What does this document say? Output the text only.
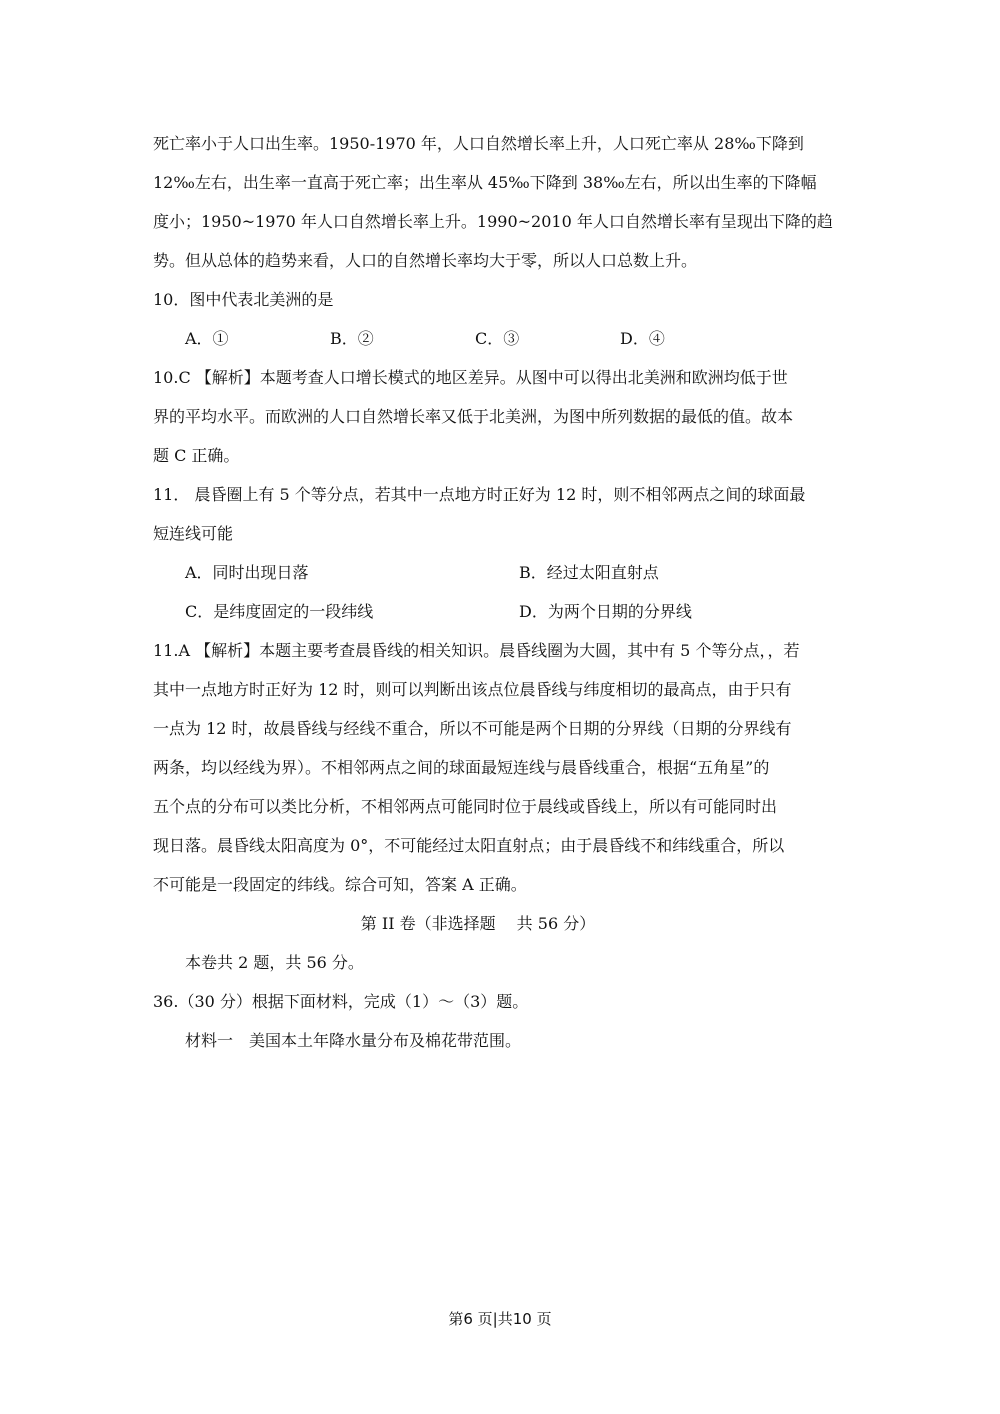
死亡率小于人口出生率。1950-1970 年，人口自然增长率上升，人口死亡率从 28‰下降到
12‰左右，出生率一直高于死亡率；出生率从 45‰下降到 38‰左右，所以出生率的下降幅
度小；1950~1970 年人口自然增长率上升。1990~2010 年人口自然增长率有呈现出下降的趋
势。但从总体的趋势来看，人口的自然增长率均大于零，所以人口总数上升。
10．图中代表北美洲的是
A．①	B．②	C．③	D．④
10.C 【解析】本题考查人口增长模式的地区差异。从图中可以得出北美洲和欧洲均低于世
界的平均水平。而欧洲的人口自然增长率又低于北美洲，为图中所列数据的最低的值。故本
题 C 正确。
11． 晨昏圈上有 5 个等分点，若其中一点地方时正好为 12 时，则不相邻两点之间的球面最
短连线可能
A．同时出现日落	B．经过太阳直射点
C．是纬度固定的一段纬线	D．为两个日期的分界线
11.A 【解析】本题主要考查晨昏线的相关知识。晨昏线圈为大圆，其中有 5 个等分点，，若
其中一点地方时正好为 12 时，则可以判断出该点位晨昏线与纬度相切的最高点，由于只有
一点为 12 时，故晨昏线与经线不重合，所以不可能是两个日期的分界线（日期的分界线有
两条，均以经线为界）。不相邻两点之间的球面最短连线与晨昏线重合，根据“五角星”的
五个点的分布可以类比分析，不相邻两点可能同时位于晨线或昏线上，所以有可能同时出
现日落。晨昏线太阳高度为 0°，不可能经过太阳直射点；由于晨昏线不和纬线重合，所以
不可能是一段固定的纬线。综合可知，答案 A 正确。
第 II 卷（非选择题　 共 56 分）
本卷共 2 题，共 56 分。
36.（30 分）根据下面材料，完成（1）～（3）题。
材料一　美国本土年降水量分布及棉花带范围。
第6 页|共10 页
